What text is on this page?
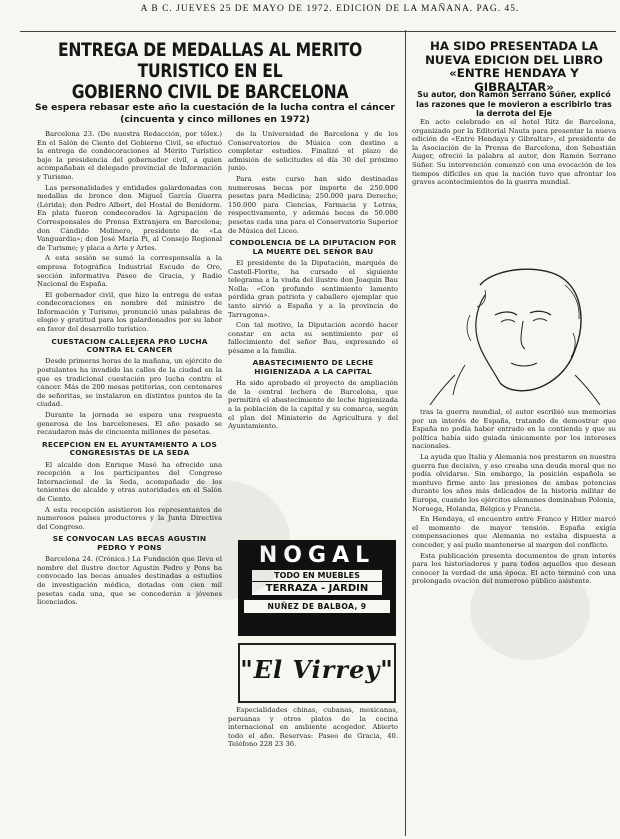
A B C. JUEVES 25 DE MAYO DE 1972. EDICION DE LA MAÑANA. PAG. 45.
ENTREGA DE MEDALLAS AL MERITO TURISTICO EN EL
GOBIERNO CIVIL DE BARCELONA
Se espera rebasar este año la cuestación de la lucha contra el cáncer (cincuenta y cinco millones en 1972)

Barcelona 23. (De nuestra Redacción, por télex.) En el Salón de Ciento del Gobierno Civil, se efectuó la entrega de condecoraciones al Mérito Turístico bajo la presidencia del gobernador civil, a quien acompañaban el delegado provincial de Información y Turismo.

Las personalidades y entidades galardonadas con medallas de bronce don Miguel García Guerra (Lérida); don Pedro Albert, del Hostal de Benidorm. En plata fueron condecorados la Agrupación de Corresponsales de Prensa Extranjera en Barcelona; don Cándido Molinero, presidente de «La Vanguardia»; don José María Pi, al Consejo Regional de Turismo; y placa a Arte y Artes.

A esta sesión se sumó la corresponsalía a la empresa fotográfica Industrial Escudo de Oro, sección informativa Paseo de Gracia, y Radio Nacional de España.

El gobernador civil, que hizo la entrega de estas condecoraciones en nombre del ministro de Información y Turismo, pronunció unas palabras de elogio y gratitud para los galardonados por su labor en favor del desarrollo turístico.

CUESTACION CALLEJERA PRO LUCHA CONTRA EL CANCER

Desde primeras horas de la mañana, un ejército de postulantes ha invadido las calles de la ciudad en la que es tradicional cuestación pro lucha contra el cáncer. Más de 200 mesas petitorias, con centenares de señoritas, se instalaron en distintos puntos de la ciudad.

Durante la jornada se espera una respuesta generosa de los barceloneses. El año pasado se recaudaron más de cincuenta millones de pesetas.

RECEPCION EN EL AYUNTAMIENTO A LOS CONGRESISTAS DE LA SEDA

El alcalde don Enrique Masó ha ofrecido una recepción a los participantes del Congreso Internacional de la Seda, acompañado de los tenientes de alcalde y otras autoridades en el Salón de Ciento.

A esta recepción asistieron los representantes de numerosos países productores y la Junta Directiva del Congreso.

SE CONVOCAN LAS BECAS AGUSTIN PEDRO Y PONS

Barcelona 24. (Crónica.) La Fundación que lleva el nombre del ilustre doctor Agustín Pedro y Pons ha convocado las becas anuales destinadas a estudios de investigación médica, dotadas con cien mil pesetas cada una, que se concederán a jóvenes licenciados.

de la Universidad de Barcelona y de los Conservatorios de Música con destino a completar estudios. Finalizó el plazo de admisión de solicitudes el día 30 del próximo junio.

Para este curso han sido destinadas numerosas becas por importe de 250.000 pesetas para Medicina; 250.000 para Derecho; 150.000 para Ciencias, Farmacia y Letras, respectivamente, y además becas de 50.000 pesetas cada una para el Conservatorio Superior de Música del Liceo.

CONDOLENCIA DE LA DIPUTACION POR LA MUERTE DEL SEÑOR BAU

El presidente de la Diputación, marqués de Castell-Florite, ha cursado el siguiente telegrama a la viuda del ilustre don Joaquín Bau Nolla: «Con profundo sentimiento lamento pérdida gran patriota y caballero ejemplar que tanto sirvió a España y a la provincia de Tarragona».

Con tal motivo, la Diputación acordó hacer constar en acta su sentimiento por el fallecimiento del señor Bau, expresando el pésame a la familia.

ABASTECIMIENTO DE LECHE HIGIENIZADA A LA CAPITAL

Ha sido aprobado el proyecto de ampliación de la central lechera de Barcelona, que permitirá el abastecimiento de leche higienizada a la población de la capital y su comarca, según el plan del Ministerio de Agricultura y del Ayuntamiento.

NOGAL
TODO EN MUEBLES
TERRAZA - JARDIN
NUÑEZ DE BALBOA, 9
"El Virrey"

Especialidades chinas, cubanas, mexicanas, peruanas y otros platos de la cocina internacional en ambiente acogedor. Abierto todo el año. Reservas: Paseo de Gracia, 40. Teléfono 228 23 36.

HA SIDO PRESENTADA LA NUEVA EDICION DEL LIBRO «ENTRE HENDAYA Y GIBRALTAR»
Su autor, don Ramón Serrano Súñer, explicó las razones que le movieron a escribirlo tras la derrota del Eje

En acto celebrado en el hotel Ritz de Barcelona, organizado por la Editorial Nauta para presentar la nueva edición de «Entre Hendaya y Gibraltar», el presidente de la Asociación de la Prensa de Barcelona, don Sebastián Auger, ofreció la palabra al autor, don Ramón Serrano Súñer. Su intervención comenzó con una evocación de los tiempos difíciles en que la nación tuvo que afrontar los graves acontecimientos de la guerra mundial.

tras la guerra mundial, el autor escribió sus memorias por un interés de España, tratando de demostrar que España no podía haber entrado en la contienda y que su política había sido guiada únicamente por los intereses nacionales.

La ayuda que Italia y Alemania nos prestaron en nuestra guerra fue decisiva, y eso creaba una deuda moral que no podía olvidarse. Sin embargo, la posición española se mantuvo firme ante las presiones de ambas potencias durante los años más delicados de la historia militar de Europa, cuando los ejércitos alemanes dominaban Polonia, Noruega, Holanda, Bélgica y Francia.

En Hendaya, el encuentro entre Franco y Hitler marcó el momento de mayor tensión. España exigía compensaciones que Alemania no estaba dispuesta a conceder, y así pudo mantenerse al margen del conflicto.

Esta publicación presenta documentos de gran interés para los historiadores y para todos aquellos que desean conocer la verdad de una época. El acto terminó con una prolongada ovación del numeroso público asistente.
